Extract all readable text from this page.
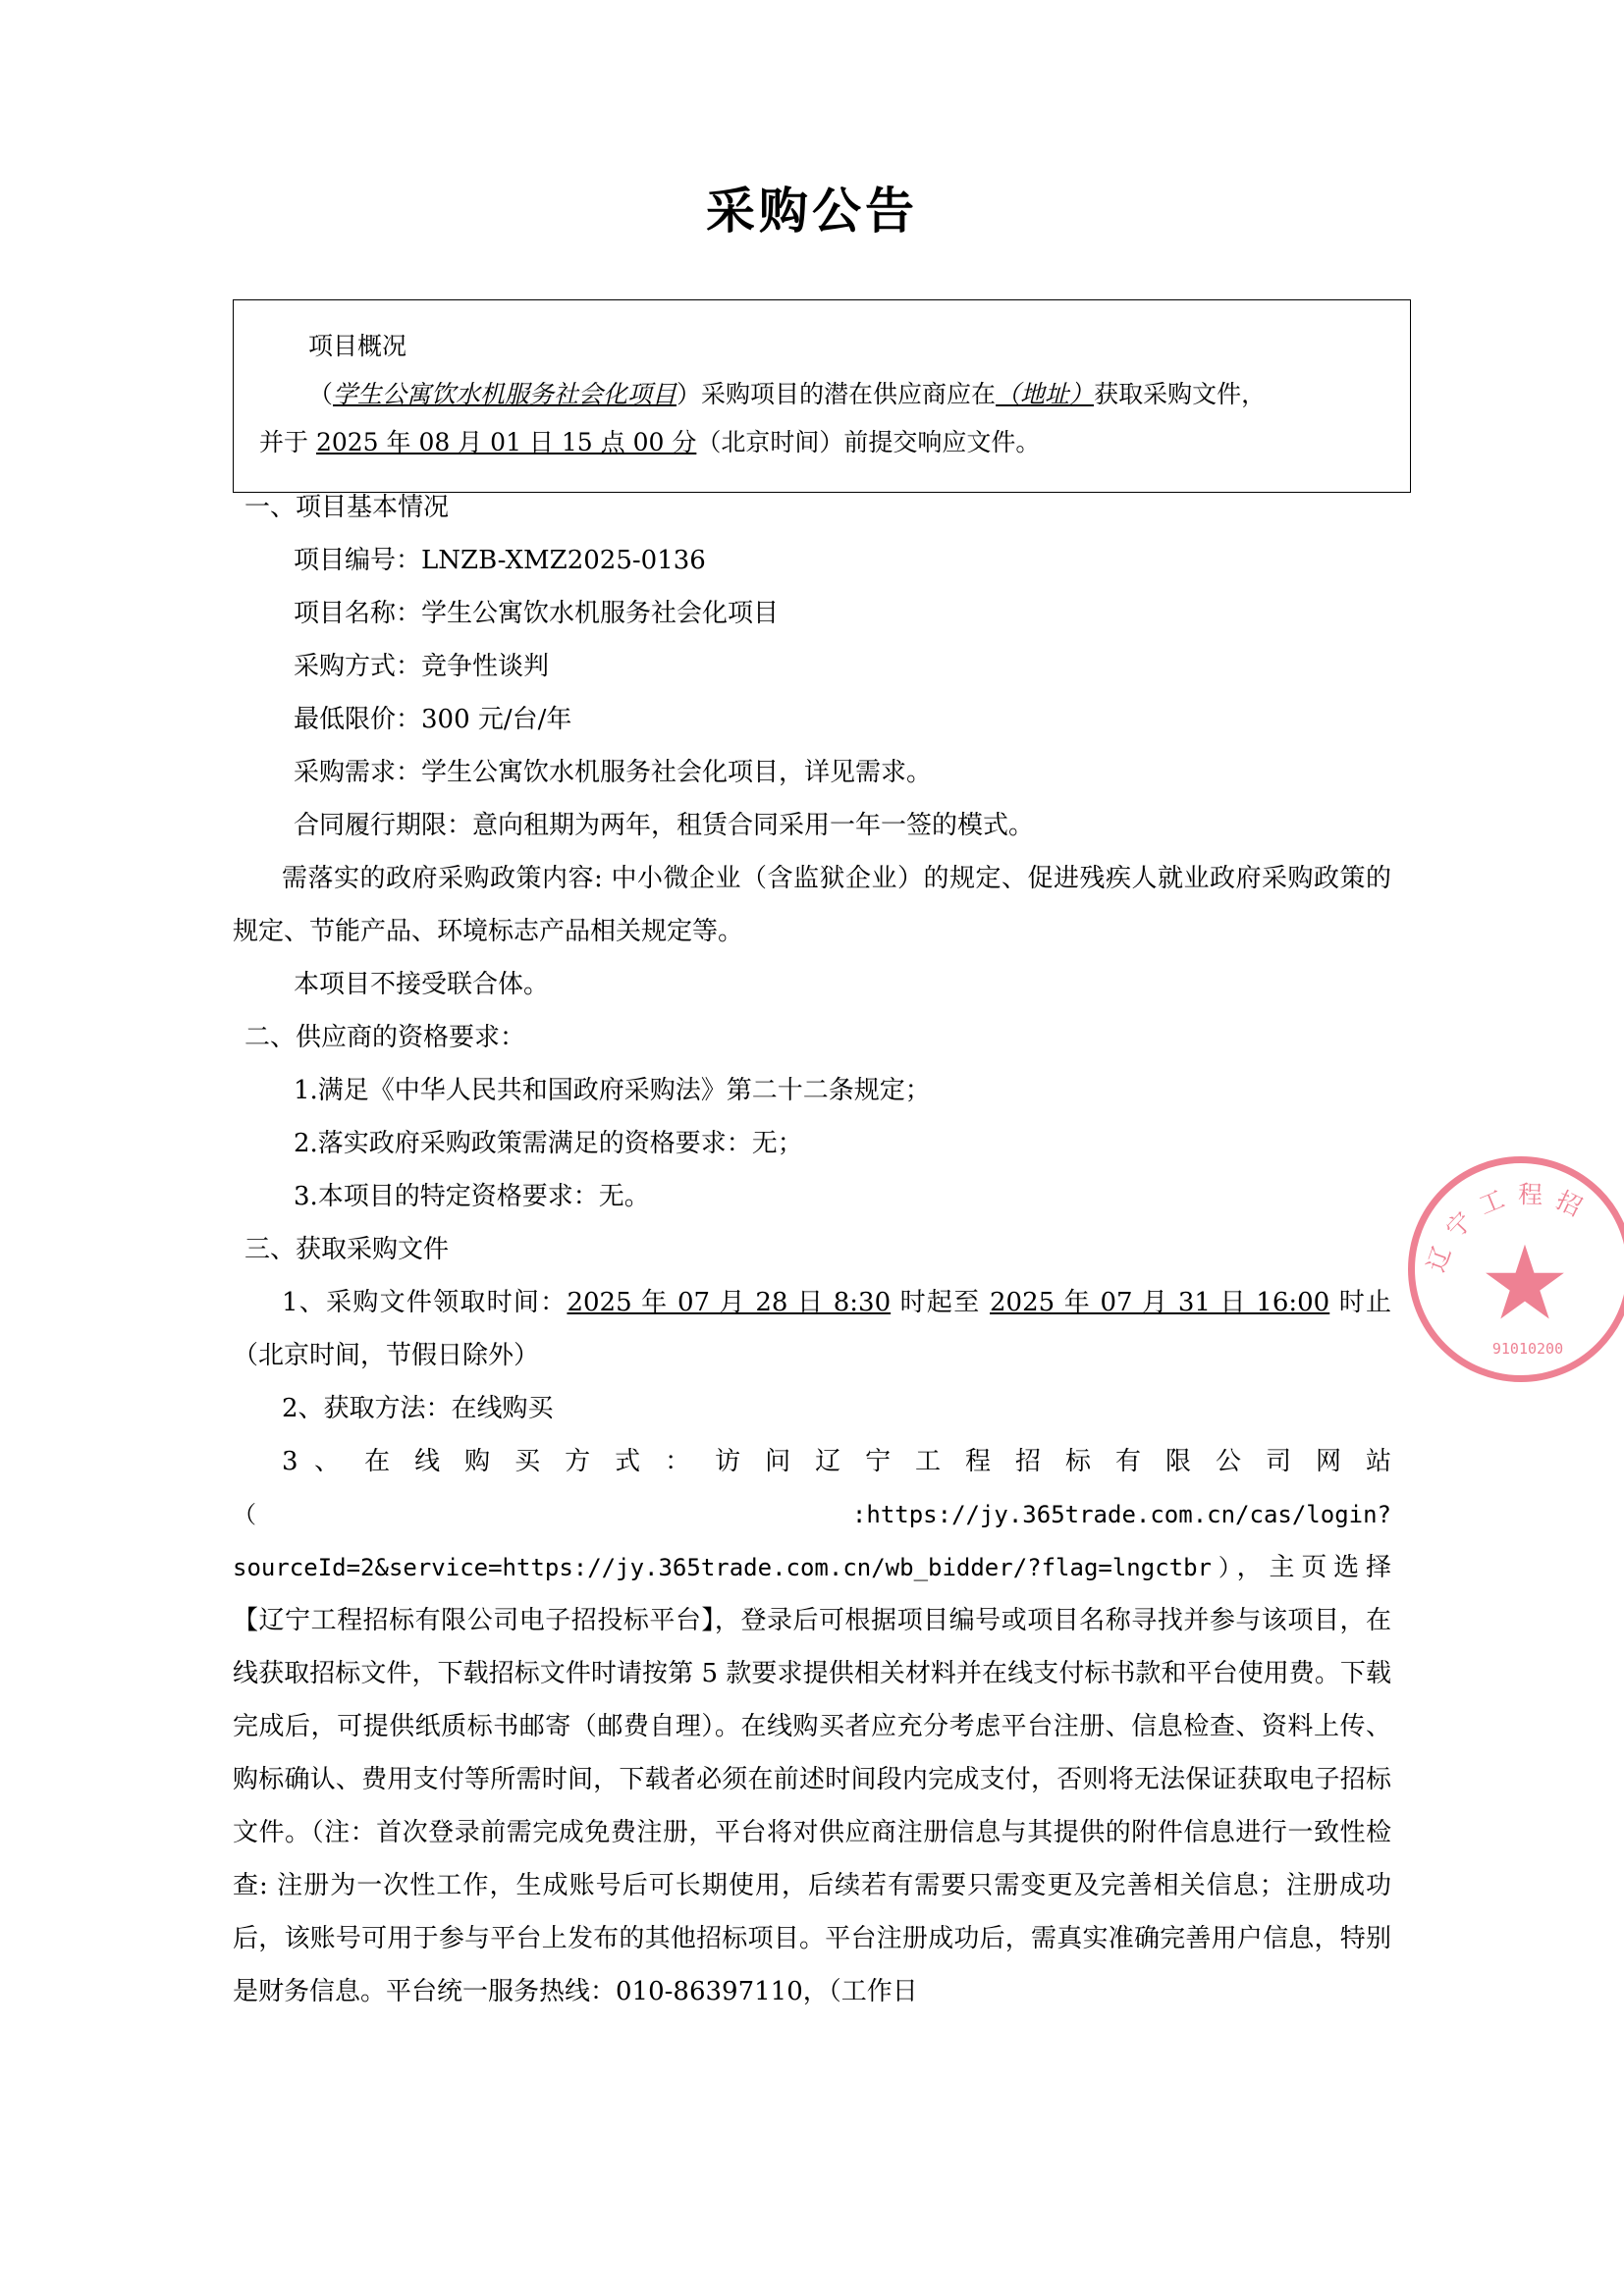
采购公告
项目概况
（学生公寓饮水机服务社会化项目）采购项目的潜在供应商应在（地址）获取采购文件，
并于 2025 年 08 月 01 日 15 点 00 分（北京时间）前提交响应文件。
一、项目基本情况
项目编号：LNZB-XMZ2025-0136
项目名称：学生公寓饮水机服务社会化项目
采购方式：竞争性谈判
最低限价：300 元/台/年
采购需求：学生公寓饮水机服务社会化项目，详见需求。
合同履行期限：意向租期为两年，租赁合同采用一年一签的模式。
需落实的政府采购政策内容: 中小微企业（含监狱企业）的规定、促进残疾人就业政府采购政策的规定、节能产品、环境标志产品相关规定等。
本项目不接受联合体。
二、供应商的资格要求：
1.满足《中华人民共和国政府采购法》第二十二条规定；
2.落实政府采购政策需满足的资格要求：无；
3.本项目的特定资格要求：无。
三、获取采购文件
1、采购文件领取时间：2025 年 07 月 28 日 8:30 时起至 2025 年 07 月 31 日 16:00 时止（北京时间，节假日除外）
2、获取方法：在线购买
3 、 在 线 购 买 方 式 ： 访 问 辽 宁 工 程 招 标 有 限 公 司 网 站
（:https://jy.365trade.com.cn/cas/login?sourceId=2&service=https://jy.365trade.com.cn/wb_bidder/?flag=lngctbr），主页选择【辽宁工程招标有限公司电子招投标平台】，登录后可根据项目编号或项目名称寻找并参与该项目，在线获取招标文件，下载招标文件时请按第 5 款要求提供相关材料并在线支付标书款和平台使用费。下载完成后，可提供纸质标书邮寄（邮费自理）。在线购买者应充分考虑平台注册、信息检查、资料上传、购标确认、费用支付等所需时间，下载者必须在前述时间段内完成支付，否则将无法保证获取电子招标文件。（注：首次登录前需完成免费注册，平台将对供应商注册信息与其提供的附件信息进行一致性检查: 注册为一次性工作，生成账号后可长期使用，后续若有需要只需变更及完善相关信息；注册成功后，该账号可用于参与平台上发布的其他招标项目。平台注册成功后，需真实准确完善用户信息，特别是财务信息。平台统一服务热线：010-86397110，（工作日
辽 宁 工 程 招
★
91010200
